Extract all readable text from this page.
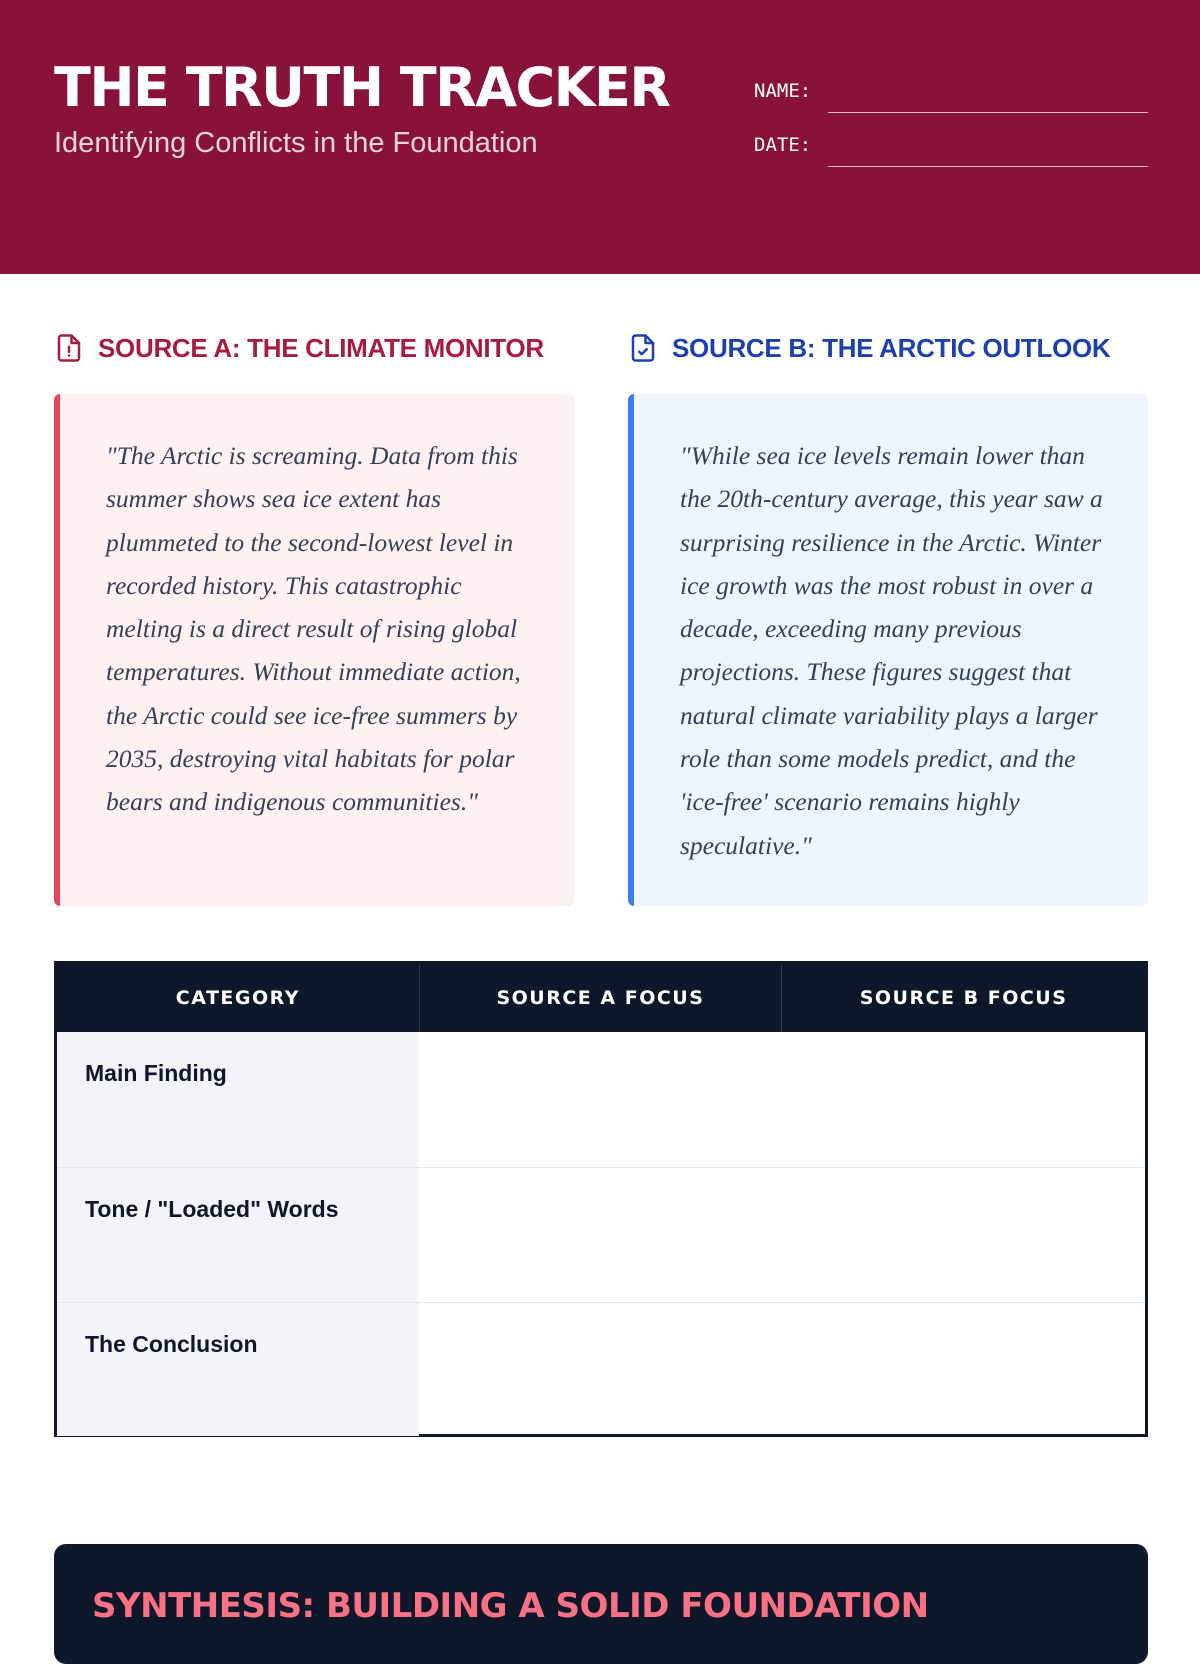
THE TRUTH TRACKER
Identifying Conflicts in the Foundation
NAME:
DATE:
SOURCE A: THE CLIMATE MONITOR	SOURCE B: THE ARCTIC OUTLOOK
"The Arctic is screaming. Data from this summer shows sea ice extent has plummeted to the second-lowest level in recorded history. This catastrophic melting is a direct result of rising global temperatures. Without immediate action, the Arctic could see ice-free summers by 2035, destroying vital habitats for polar bears and indigenous communities."
"While sea ice levels remain lower than the 20th-century average, this year saw a surprising resilience in the Arctic. Winter ice growth was the most robust in over a decade, exceeding many previous projections. These figures suggest that natural climate variability plays a larger role than some models predict, and the 'ice-free' scenario remains highly speculative."
CATEGORY	SOURCE A FOCUS	SOURCE B FOCUS
Main Finding		
Tone / "Loaded" Words		
The Conclusion		
SYNTHESIS: BUILDING A SOLID FOUNDATION
